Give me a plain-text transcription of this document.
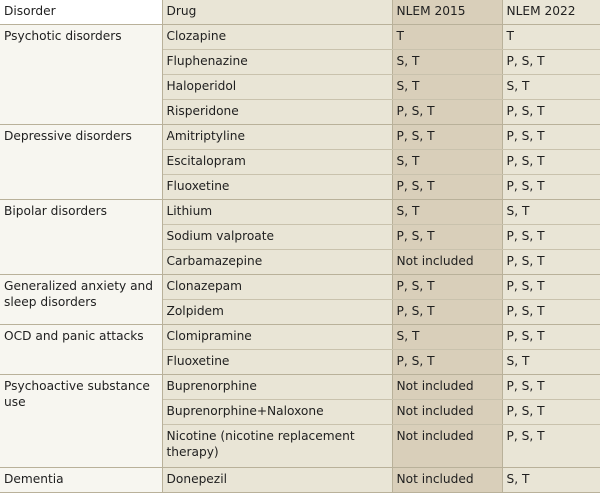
Disorder	Drug	NLEM 2015	NLEM 2022
Psychotic disorders	Clozapine	T	T
	Fluphenazine	S, T	P, S, T
	Haloperidol	S, T	S, T
	Risperidone	P, S, T	P, S, T
Depressive disorders	Amitriptyline	P, S, T	P, S, T
	Escitalopram	S, T	P, S, T
	Fluoxetine	P, S, T	P, S, T
Bipolar disorders	Lithium	S, T	S, T
	Sodium valproate	P, S, T	P, S, T
	Carbamazepine	Not included	P, S, T
Generalized anxiety and sleep disorders	Clonazepam	P, S, T	P, S, T
	Zolpidem	P, S, T	P, S, T
OCD and panic attacks	Clomipramine	S, T	P, S, T
	Fluoxetine	P, S, T	S, T
Psychoactive substance use	Buprenorphine	Not included	P, S, T
	Buprenorphine+Naloxone	Not included	P, S, T
	Nicotine (nicotine replacement therapy)	Not included	P, S, T
Dementia	Donepezil	Not included	S, T
